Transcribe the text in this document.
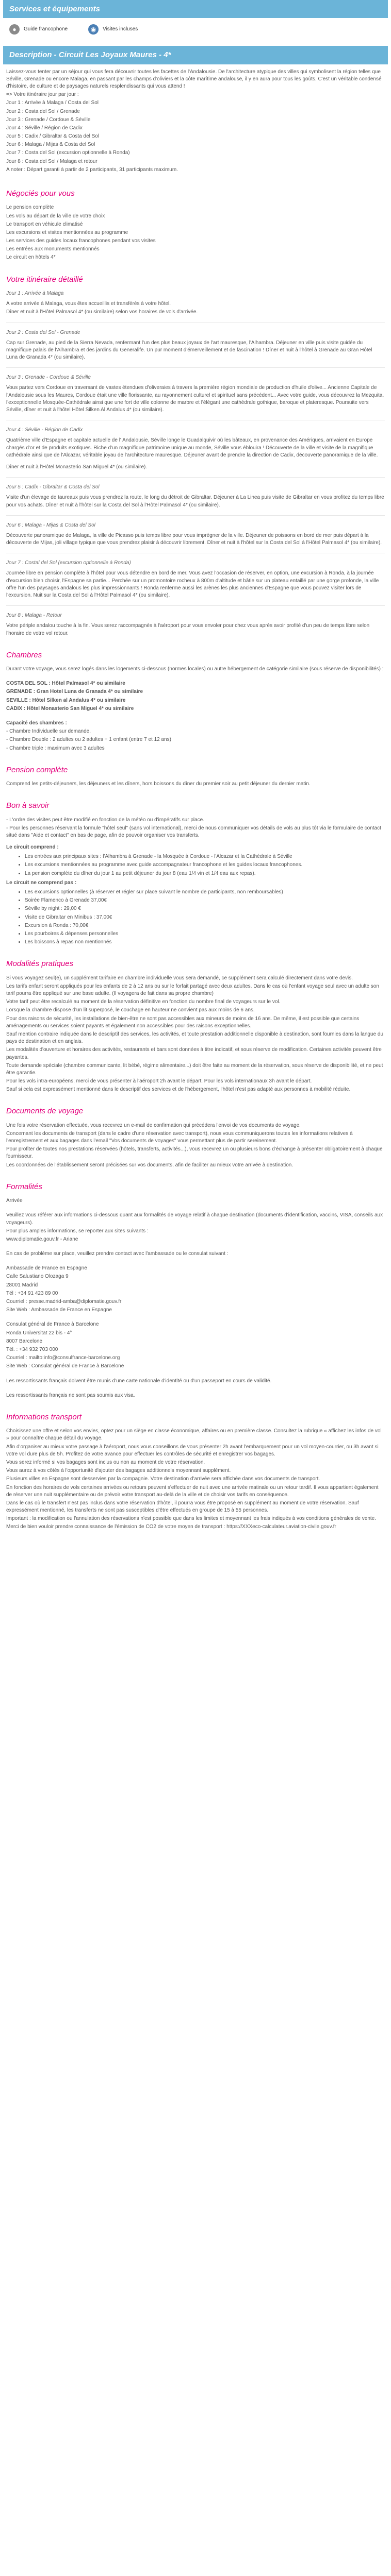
Services et équipements
●	Guide francophone	◉	Visites incluses
Description - Circuit Les Joyaux Maures - 4*

Laissez-vous tenter par un séjour qui vous fera découvrir toutes les facettes de l'Andalousie. De l'architecture atypique des villes qui symbolisent la région telles que Séville, Grenade ou encore Malaga, en passant par les champs d'oliviers et la côte marítime andalouse, il y en aura pour tous les goûts. C'est un véritable condensé d'histoire, de culture et de paysages naturels resplendissants qui vous attend !

=> Votre itinéraire jour par jour :

Jour 1 : Arrivée à Malaga / Costa del Sol

Jour 2 : Costa del Sol / Grenade

Jour 3 : Grenade / Cordoue & Séville

Jour 4 : Séville / Région de Cadix

Jour 5 : Cadix / Gibraltar & Costa del Sol

Jour 6 : Malaga / Mijas & Costa del Sol

Jour 7 : Costa del Sol (excursion optionnelle à Ronda)

Jour 8 : Costa del Sol / Malaga et retour

A noter : Départ garanti à partir de 2 participants, 31 participants maximum.

Négociés pour vous

Le pension complète

Les vols au départ de la ville de votre choix

Le transport en véhicule climatisé

Les excursions et visites mentionnées au programme

Les services des guides locaux francophones pendant vos visites

Les entrées aux monuments mentionnés

Le circuit en hôtels 4*

Votre itinéraire détaillé

Jour 1 : Arrivée à Malaga

A votre arrivée à Malaga, vous êtes accueillis et transférés à votre hôtel.

Dîner et nuit à l'Hôtel Palmasol 4* (ou similaire) selon vos horaires de vols d'arrivée.

Jour 2 : Costa del Sol - Grenade

Cap sur Grenade, au pied de la Sierra Nevada, renfermant l'un des plus beaux joyaux de l'art mauresque, l'Alhambra. Déjeuner en ville puis visite guidée du magnifique palais de l'Alhambra et des jardins du Generalife. Un pur moment d'émerveillement et de fascination ! Dîner et nuit à l'hôtel à Grenade au Gran Hôtel Luna de Granada 4* (ou similaire).

Jour 3 : Grenade - Cordoue & Séville

Vous partez vers Cordoue en traversant de vastes étendues d'oliveraies à travers la première région mondiale de production d'huile d'olive... Ancienne Capitale de l'Andalousie sous les Maures, Cordoue était une ville florissante, au rayonnement culturel et spirituel sans précédent... Avec votre guide, vous découvrez la Mezquita, l'exceptionnelle Mosquée-Cathédrale ainsi que une fort de ville colonne de marbre et l'élégant une cathédrale gothique, baroque et plateresque. Poursuite vers Séville, dîner et nuit à l'hôtel Hôtel Silken Al Andalus 4* (ou similaire).

Jour 4 : Séville - Région de Cadix

Quatrième ville d'Espagne et capitale actuelle de l' Andalousie, Séville longe le Guadalquivir où les bâteaux, en provenance des Amériques, arrivaient en Europe chargés d'or et de produits exotiques. Riche d'un magnifique patrimoine unique au monde, Séville vous éblouira ! Découverte de la ville et visite de la magnifique cathédrale ainsi que de l'Alcazar, véritable joyau de l'architecture mauresque. Déjeuner avant de prendre la direction de Cadix, découverte panoramique de la ville.

Dîner et nuit à l'Hôtel Monasterio San Miguel 4* (ou similaire).

Jour 5 : Cadix - Gibraltar & Costa del Sol

Visite d'un élevage de taureaux puis vous prendrez la route, le long du détroit de Gibraltar. Déjeuner à La Linea puis visite de Gibraltar en vous profitez du temps libre pour vos achats. Dîner et nuit à l'hôtel sur la Costa del Sol à l'Hôtel Palmasol 4* (ou similaire).

Jour 6 : Malaga - Mijas & Costa del Sol

Découverte panoramique de Malaga, la ville de Picasso puis temps libre pour vous imprégner de la ville. Déjeuner de poissons en bord de mer puis départ à la découverte de Mijas, joli village typique que vous prendrez plaisir à découvrir librement. Dîner et nuit à l'hôtel sur la Costa del Sol à l'Hôtel Palmasol 4* (ou similaire).

Jour 7 : Costal del Sol (excursion optionnelle à Ronda)

Journée libre en pension complète à l'hôtel pour vous détendre en bord de mer. Vous avez l'occasion de réserver, en option, une excursion à Ronda, à la journée d'excursion bien choisir, l'Espagne sa partie... Perchée sur un promontoire rocheux à 800m d'altitude et bâtie sur un plateau entaillé par une gorge profonde, la ville offre l'un des paysages andalous les plus impressionnants ! Ronda renferme aussi les arènes les plus anciennes d'Espagne que vous pouvez visiter lors de l'excursion. Nuit sur la Costa del Sol à l'Hôtel Palmasol 4* (ou similaire).

Jour 8 : Malaga - Retour

Votre périple andalou touche à la fin. Vous serez raccompagnés à l'aéroport pour vous envoler pour chez vous après avoir profité d'un peu de temps libre selon l'horaire de votre vol retour.

Chambres

Durant votre voyage, vous serez logés dans les logements ci-dessous (normes locales) ou autre hébergement de catégorie similaire (sous réserve de disponibilités) :

COSTA DEL SOL : Hôtel Palmasol 4* ou similaire

GRENADE : Gran Hotel Luna de Granada 4* ou similaire

SEVILLE : Hôtel Silken al Andalus 4* ou similaire

CADIX : Hôtel Monasterio San Miguel 4* ou similaire

Capacité des chambres :

- Chambre Individuelle sur demande.

- Chambre Double : 2 adultes ou 2 adultes + 1 enfant (entre 7 et 12 ans)

- Chambre triple : maximum avec 3 adultes

Pension complète

Comprend les petits-déjeuners, les déjeuners et les dîners, hors boissons du dîner du premier soir au petit déjeuner du dernier matin.

Bon à savoir

- L'ordre des visites peut être modifié en fonction de la météo ou d'impératifs sur place.

- Pour les personnes réservant la formule "hôtel seul" (sans vol international), merci de nous communiquer vos détails de vols au plus tôt via le formulaire de contact situé dans "Aide et contact" en bas de page, afin de pouvoir organiser vos transferts.

Le circuit comprend :

• Les entrées aux principaux sites : l'Alhambra à Grenade - la Mosquée à Cordoue - l'Alcazar et la Cathédrale à Séville
• Les excursions mentionnées au programme avec guide accompagnateur francophone et les guides locaux francophones.
• La pension complète du dîner du jour 1 au petit déjeuner du jour 8 (eau 1/4 vin et 1/4 eau aux repas).

Le circuit ne comprend pas :

• Les excursions optionnelles (à réserver et régler sur place suivant le nombre de participants, non remboursables)
• Soirée Flamenco à Grenade 37,00€
• Séville by night : 29,00 €
• Visite de Gibraltar en Minibus : 37,00€
• Excursion à Ronda : 70,00€
• Les pourboires & dépenses personnelles
• Les boissons à repas non mentionnés
Modalités pratiques

Si vous voyagez seul(e), un supplément tarifaire en chambre individuelle vous sera demandé, ce supplément sera calculé directement dans votre devis.

Les tarifs enfant seront appliqués pour les enfants de 2 à 12 ans ou sur le forfait partagé avec deux adultes. Dans le cas où l'enfant voyage seul avec un adulte son tarif pourra être appliqué sur une base adulte. (Il voyagera de fait dans sa propre chambre)

Votre tarif peut être recalculé au moment de la réservation définitive en fonction du nombre final de voyageurs sur le vol.

Lorsque la chambre dispose d'un lit superposé, le couchage en hauteur ne convient pas aux moins de 6 ans.

Pour des raisons de sécurité, les installations de bien-être ne sont pas accessibles aux mineurs de moins de 16 ans. De même, il est possible que certains aménagements ou services soient payants et également non accessibles pour des raisons exceptionnelles.

Sauf mention contraire indiquée dans le descriptif des services, les activités, et toute prestation additionnelle disponible à destination, sont fournies dans la langue du pays de destination et en anglais.

Les modalités d'ouverture et horaires des activités, restaurants et bars sont données à titre indicatif, et sous réserve de modification. Certaines activités peuvent être payantes.

Toute demande spéciale (chambre communicante, lit bébé, régime alimentaire...) doit être faite au moment de la réservation, sous réserve de disponibilité, et ne peut être garantie.

Pour les vols intra-européens, merci de vous présenter à l'aéroport 2h avant le départ. Pour les vols internationaux 3h avant le départ.

Sauf si cela est expressément mentionné dans le descriptif des services et de l'hébergement, l'hôtel n'est pas adapté aux personnes à mobilité réduite.

Documents de voyage

Une fois votre réservation effectuée, vous recevrez un e-mail de confirmation qui précédera l'envoi de vos documents de voyage.

Concernant les documents de transport (dans le cadre d'une réservation avec transport), nous vous communiquerons toutes les informations relatives à l'enregistrement et aux bagages dans l'email "Vos documents de voyages" vous permettant plus de partir sereinement.

Pour profiter de toutes nos prestations réservées (hôtels, transferts, activités...), vous recevrez un ou plusieurs bons d'échange à présenter obligatoirement à chaque fournisseur.

Les coordonnées de l'établissement seront précisées sur vos documents, afin de faciliter au mieux votre arrivée à destination.

Formalités

Arrivée

Veuillez vous référer aux informations ci-dessous quant aux formalités de voyage relatif à chaque destination (documents d'identification, vaccins, VISA, conseils aux voyageurs).

Pour plus amples informations, se reporter aux sites suivants :

www.diplomatie.gouv.fr - Ariane

En cas de problème sur place, veuillez prendre contact avec l'ambassade ou le consulat suivant :

Ambassade de France en Espagne

Calle Salustiano Olozaga 9

28001 Madrid

Tél : +34 91 423 89 00

Courriel : presse.madrid-amba@diplomatie.gouv.fr

Site Web : Ambassade de France en Espagne

Consulat général de France à Barcelone

Ronda Universitat 22 bis - 4°

8007 Barcelone

Tél. : +34 932 703 000

Courriel : mailto:info@consulfrance-barcelone.org

Site Web : Consulat général de France à Barcelone

Les ressortissants français doivent être munis d'une carte nationale d'identité ou d'un passeport en cours de validité.

Les ressortissants français ne sont pas soumis aux visa.

Informations transport

Choisissez une offre et selon vos envies, optez pour un siège en classe économique, affaires ou en première classe. Consultez la rubrique « affichez les infos de vol » pour connaître chaque détail du voyage.

Afin d'organiser au mieux votre passage à l'aéroport, nous vous conseillons de vous présenter 2h avant l'embarquement pour un vol moyen-courrier, ou 3h avant si votre vol dure plus de 5h. Profitez de votre avance pour effectuer les contrôles de sécurité et enregistrer vos bagages.

Vous serez informé si vos bagages sont inclus ou non au moment de votre réservation.

Vous aurez à vos côtés à l'opportunité d'ajouter des bagages additionnels moyennant supplément.

Plusieurs villes en Espagne sont desservies par la compagnie. Votre destination d'arrivée sera affichée dans vos documents de transport.

En fonction des horaires de vols certaines arrivées ou retours peuvent s'effectuer de nuit avec une arrivée matinale ou un retour tardif. Il vous appartient également de réserver une nuit supplémentaire ou de prévoir votre transport au-delà de la ville et de choisir vos tarifs en conséquence.

Dans le cas où le transfert n'est pas inclus dans votre réservation d'hôtel, il pourra vous être proposé en supplément au moment de votre réservation. Sauf expressément mentionné, les transferts ne sont pas susceptibles d'être effectués en groupe de 15 à 55 personnes.

Important : la modification ou l'annulation des réservations n'est possible que dans les limites et moyennant les frais indiqués à vos conditions générales de vente.

Merci de bien vouloir prendre connaissance de l'émission de CO2 de votre moyen de transport : https://XXXeco-calculateur.aviation-civile.gouv.fr
